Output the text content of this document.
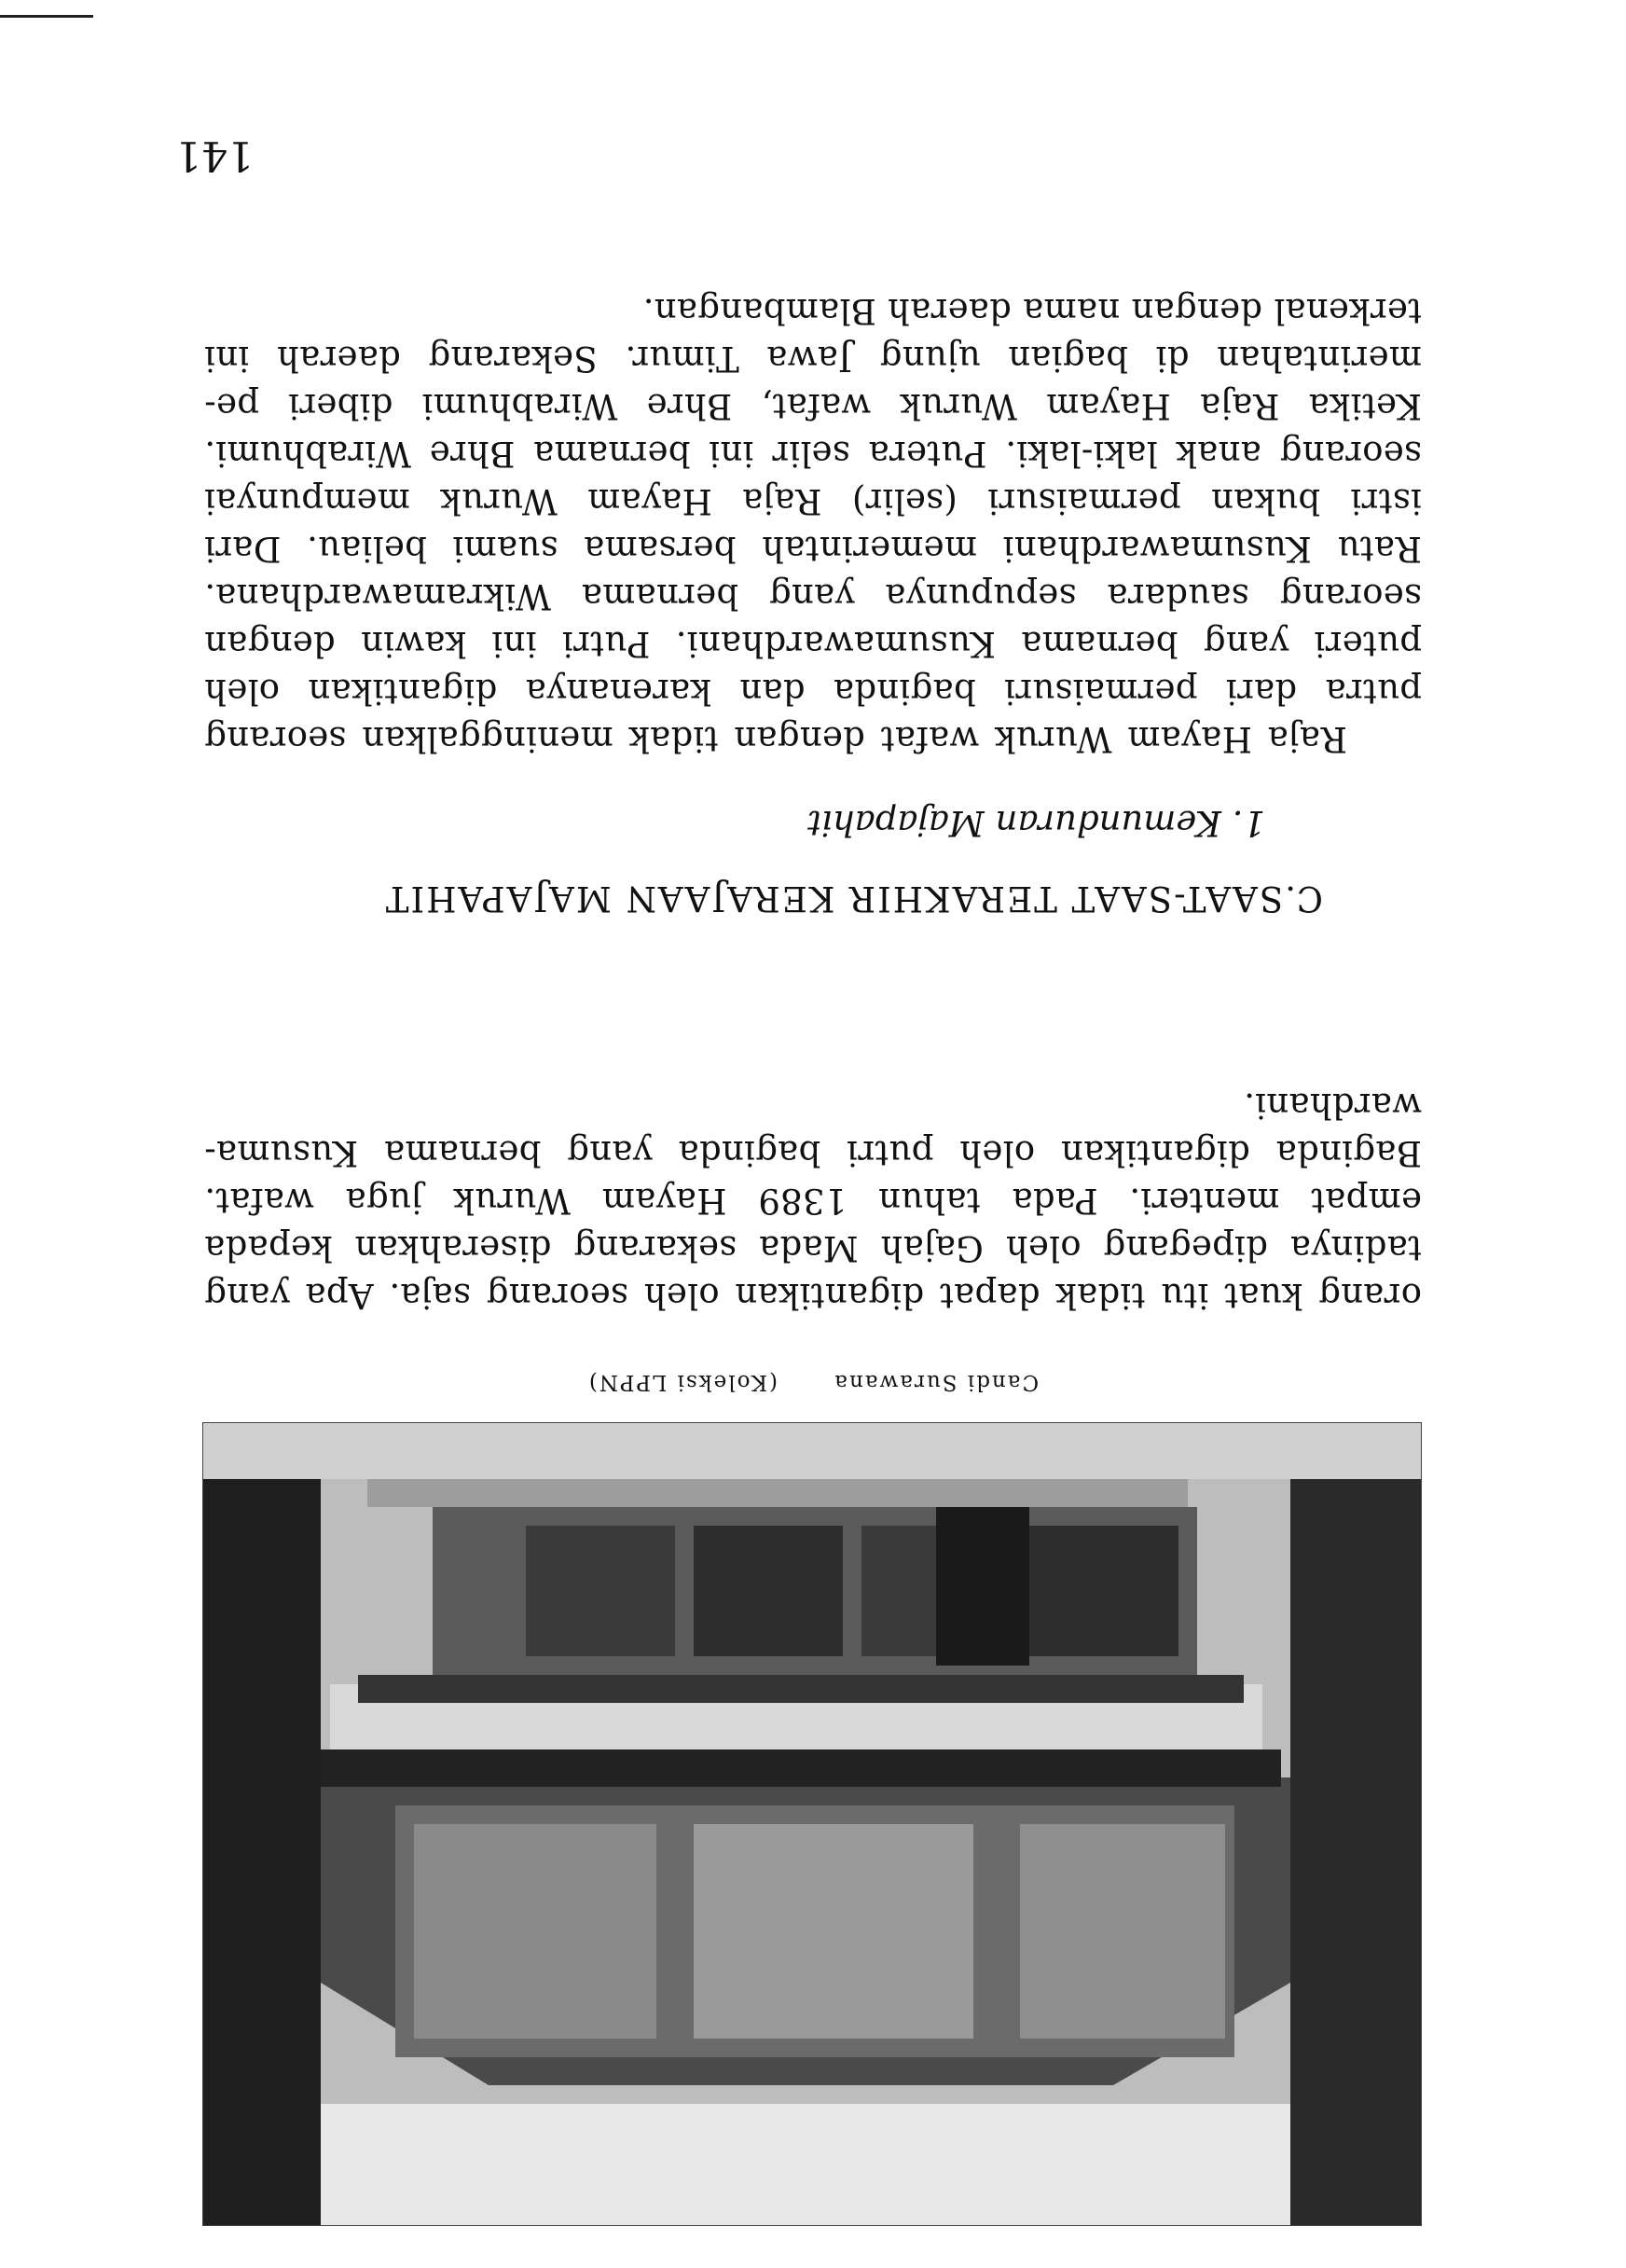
Candi Surawana (Koleksi LPPN)
orang kuat itu tidak dapat digantikan oleh seorang saja. Apa yang
tadinya dipegang oleh Gajah Mada sekarang diserahkan kepada
empat menteri. Pada tahun 1389 Hayam Wuruk juga wafat.
Baginda digantikan oleh putri baginda yang bernama Kusuma-
wardhani.
C.SAAT-SAAT TERAKHIR KERAJAAN MAJAPAHIT
1. Kemunduran Majapahit
Raja Hayam Wuruk wafat dengan tidak meninggalkan seorang
putra dari permaisuri baginda dan karenanya digantikan oleh
puteri yang bernama Kusumawardhani. Putri ini kawin dengan
seorang saudara sepupunya yang bernama Wikramawardhana.
Ratu Kusumawardhani memerintah bersama suami beliau. Dari
istri bukan permaisuri (selir) Raja Hayam Wuruk mempunyai
seorang anak laki-laki. Putera selir ini bernama Bhre Wirabhumi.
Ketika Raja Hayam Wuruk wafat, Bhre Wirabhumi diberi pe-
merintahan di bagian ujung Jawa Timur. Sekarang daerah ini
terkenal dengan nama daerah Blambangan.
141
